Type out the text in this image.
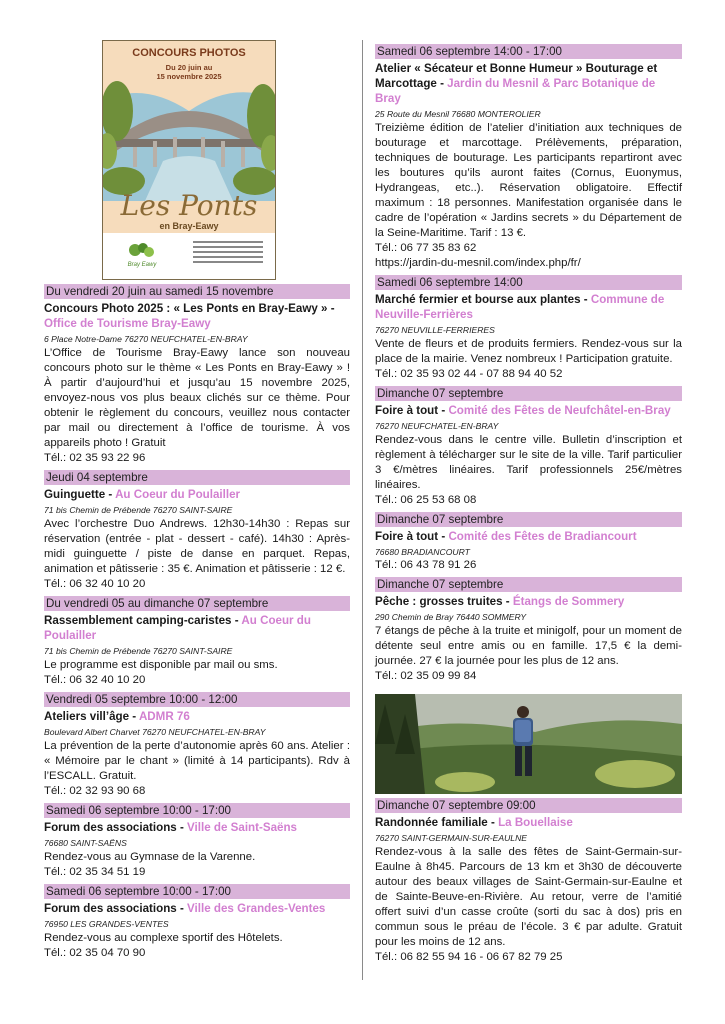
CONCOURS PHOTOS
Du 20 juin au
15 novembre 2025
Les Ponts
en Bray-Eawy
Bray Eawy
Du vendredi 20 juin au samedi 15 novembre
Concours Photo 2025 : « Les Ponts en Bray-Eawy » - Office de Tourisme Bray-Eawy
6 Place Notre-Dame 76270 NEUFCHATEL-EN-BRAY
L’Office de Tourisme Bray-Eawy lance son nouveau concours photo sur le thème « Les Ponts en Bray-Eawy » ! À partir d’aujourd’hui et jusqu’au 15 novembre 2025, envoyez-nous vos plus beaux clichés sur ce thème. Pour obtenir le règlement du concours, veuillez nous contacter par mail ou directement à l’office de tourisme. À vos appareils photo ! Gratuit
Tél.: 02 35 93 22 96
Jeudi 04 septembre
Guinguette - Au Coeur du Poulailler
71 bis Chemin de Prébende 76270 SAINT-SAIRE
Avec l’orchestre Duo Andrews. 12h30-14h30 : Repas sur réservation (entrée - plat - dessert - café). 14h30 : Après-midi guinguette / piste de danse en parquet. Repas, animation et pâtisserie : 35 €. Animation et pâtisserie : 12 €.
Tél.: 06 32 40 10 20
Du vendredi 05 au dimanche 07 septembre
Rassemblement camping-caristes - Au Coeur du Poulailler
71 bis Chemin de Prébende 76270 SAINT-SAIRE
Le programme est disponible par mail ou sms.
Tél.: 06 32 40 10 20
Vendredi 05 septembre 10:00 - 12:00
Ateliers vill’âge - ADMR 76
Boulevard Albert Charvet 76270 NEUFCHATEL-EN-BRAY
La prévention de la perte d’autonomie après 60 ans. Atelier : « Mémoire par le chant » (limité à 14 participants). Rdv à l’ESCALL. Gratuit.
Tél.: 02 32 93 90 68
Samedi 06 septembre 10:00 - 17:00
Forum des associations - Ville de Saint-Saëns
76680 SAINT-SAËNS
Rendez-vous au Gymnase de la Varenne.
Tél.: 02 35 34 51 19
Samedi 06 septembre 10:00 - 17:00
Forum des associations - Ville des Grandes-Ventes
76950 LES GRANDES-VENTES
Rendez-vous au complexe sportif des Hôtelets.
Tél.: 02 35 04 70 90
Samedi 06 septembre 14:00 - 17:00
Atelier « Sécateur et Bonne Humeur » Bouturage et Marcottage - Jardin du Mesnil & Parc Botanique de Bray
25 Route du Mesnil 76680 MONTEROLIER
Treizième édition de l’atelier d’initiation aux techniques de bouturage et marcottage. Prélèvements, préparation, techniques de bouturage. Les participants repartiront avec les boutures qu’ils auront faites (Cornus, Euonymus, Hydrangeas, etc..). Réservation obligatoire. Effectif maximum : 18 personnes. Manifestation organisée dans le cadre de l’opération « Jardins secrets » du Département de la Seine-Maritime. Tarif : 13 €.
Tél.: 06 77 35 83 62
https://jardin-du-mesnil.com/index.php/fr/
Samedi 06 septembre 14:00
Marché fermier et bourse aux plantes - Commune de Neuville-Ferrières
76270 NEUVILLE-FERRIERES
Vente de fleurs et de produits fermiers. Rendez-vous sur la place de la mairie. Venez nombreux ! Participation gratuite.
Tél.: 02 35 93 02 44 - 07 88 94 40 52
Dimanche 07 septembre
Foire à tout - Comité des Fêtes de Neufchâtel-en-Bray
76270 NEUFCHATEL-EN-BRAY
Rendez-vous dans le centre ville. Bulletin d’inscription et règlement à télécharger sur le site de la ville. Tarif particulier 3 €/mètres linéaires. Tarif professionnels 25€/mètres linéaires.
Tél.: 06 25 53 68 08
Dimanche 07 septembre
Foire à tout - Comité des Fêtes de Bradiancourt
76680 BRADIANCOURT
Tél.: 06 43 78 91 26
Dimanche 07 septembre
Pêche : grosses truites - Étangs de Sommery
290 Chemin de Bray 76440 SOMMERY
7 étangs de pêche à la truite et minigolf, pour un moment de détente seul entre amis ou en famille. 17,5 € la demi-journée. 27 € la journée pour les plus de 12 ans.
Tél.: 02 35 09 99 84
Dimanche 07 septembre 09:00
Randonnée familiale - La Bouellaise
76270 SAINT-GERMAIN-SUR-EAULNE
Rendez-vous à la salle des fêtes de Saint-Germain-sur-Eaulne à 8h45. Parcours de 13 km et 3h30 de découverte autour des beaux villages de Saint-Germain-sur-Eaulne et de Sainte-Beuve-en-Rivière. Au retour, verre de l’amitié offert suivi d’un casse croûte (sorti du sac à dos) pris en commun sous le préau de l’école. 3 € par adulte. Gratuit pour les moins de 12 ans.
Tél.: 06 82 55 94 16 - 06 67 82 79 25
